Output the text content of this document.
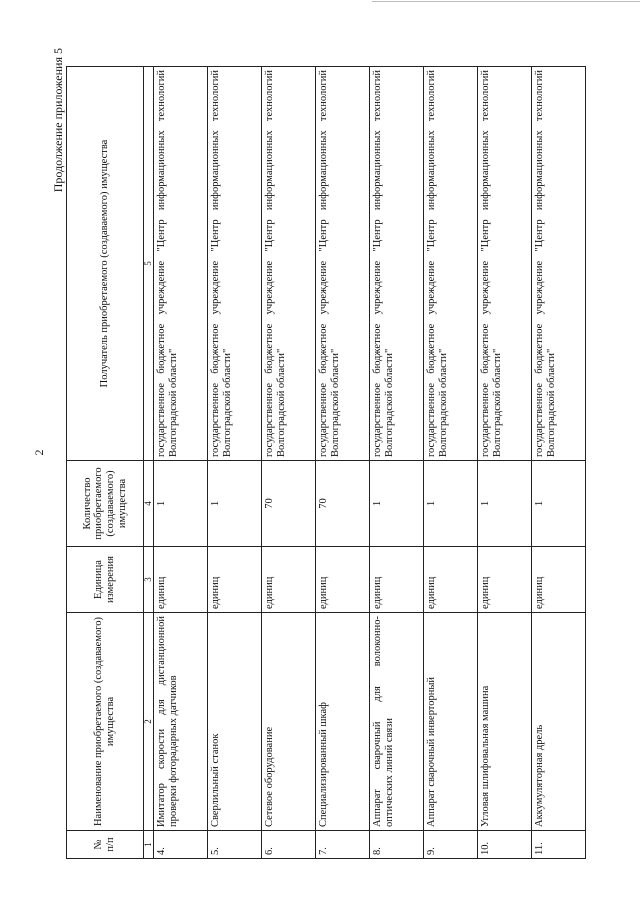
2
Продолжение приложения 5
№ п/п	Наименование приобретаемого (создаваемого) имущества	Единица измерения	Количество приобретаемого (создаваемого) имущества	Получатель приобретаемого (создаваемого) имущества
1	2	3	4	5
4.	Имитатор скорости для дистанционной проверки фоторадарных датчиков	единиц	1	государственное бюджетное учреждение "Центр информационных технологий Волгоградской области"
5.	Сверлильный станок	единиц	1	государственное бюджетное учреждение "Центр информационных технологий Волгоградской области"
6.	Сетевое оборудование	единиц	70	государственное бюджетное учреждение "Центр информационных технологий Волгоградской области"
7.	Специализированный шкаф	единиц	70	государственное бюджетное учреждение "Центр информационных технологий Волгоградской области"
8.	Аппарат сварочный для волоконно-оптических линий связи	единиц	1	государственное бюджетное учреждение "Центр информационных технологий Волгоградской области"
9.	Аппарат сварочный инверторный	единиц	1	государственное бюджетное учреждение "Центр информационных технологий Волгоградской области"
10.	Угловая шлифовальная машина	единиц	1	государственное бюджетное учреждение "Центр информационных технологий Волгоградской области"
11.	Аккумуляторная дрель	единиц	1	государственное бюджетное учреждение "Центр информационных технологий Волгоградской области"
